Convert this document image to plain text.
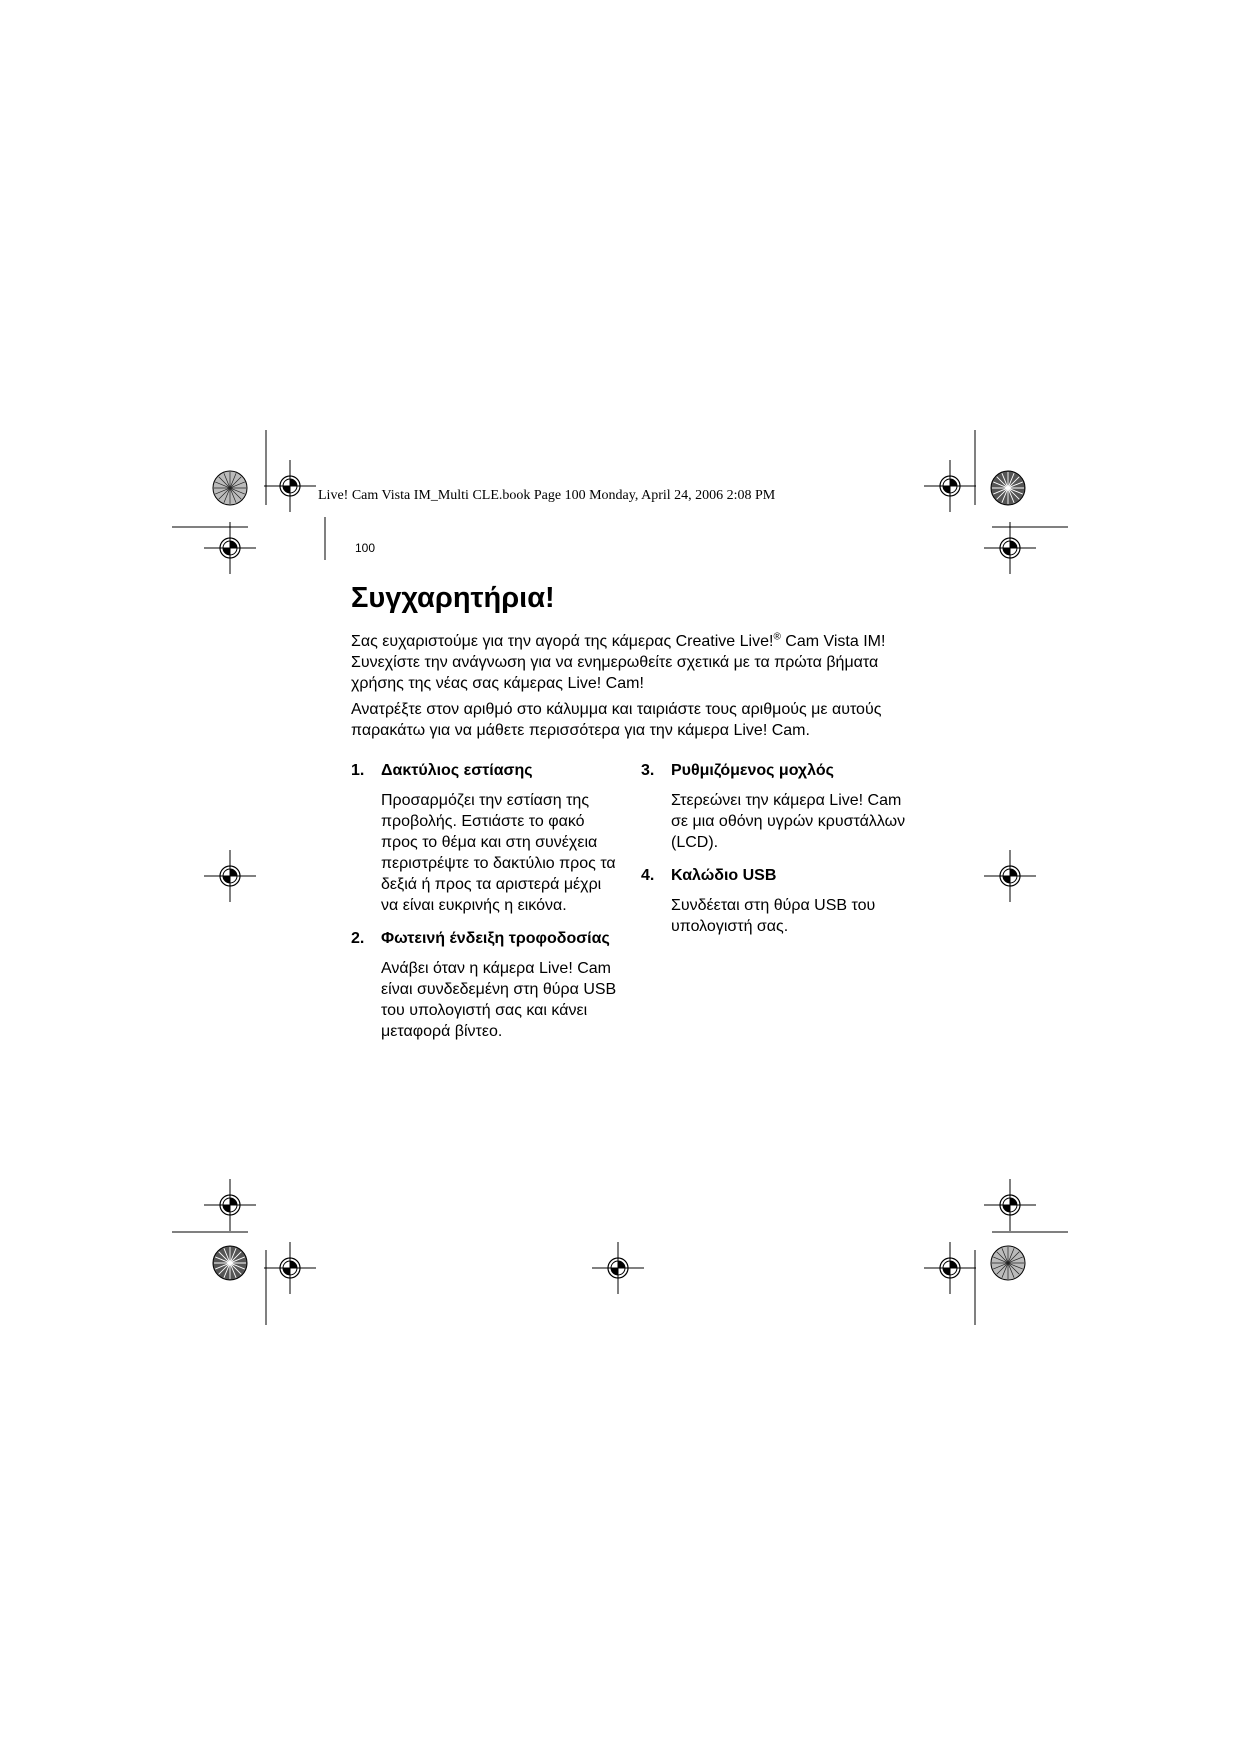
Live! Cam Vista IM_Multi CLE.book Page 100 Monday, April 24, 2006 2:08 PM
100
Συγχαρητήρια!

Σας ευχαριστούμε για την αγορά της κάμερας Creative Live!® Cam Vista IM! Συνεχίστε την ανάγνωση για να ενημερωθείτε σχετικά με τα πρώτα βήματα χρήσης της νέας σας κάμερας Live! Cam!

Ανατρέξτε στον αριθμό στο κάλυμμα και ταιριάστε τους αριθμούς με αυτούς παρακάτω για να μάθετε περισσότερα για την κάμερα Live! Cam.

1.	Δακτύλιος εστίασης
Προσαρμόζει την εστίαση της προβολής. Εστιάστε το φακό προς το θέμα και στη συνέχεια περιστρέψτε το δακτύλιο προς τα δεξιά ή προς τα αριστερά μέχρι να είναι ευκρινής η εικόνα.
2.	Φωτεινή ένδειξη τροφοδοσίας
Ανάβει όταν η κάμερα Live! Cam είναι συνδεδεμένη στη θύρα USB του υπολογιστή σας και κάνει μεταφορά βίντεο.
3.	Ρυθμιζόμενος μοχλός
Στερεώνει την κάμερα Live! Cam σε μια οθόνη υγρών κρυστάλλων (LCD).
4.	Καλώδιο USB
Συνδέεται στη θύρα USB του υπολογιστή σας.
